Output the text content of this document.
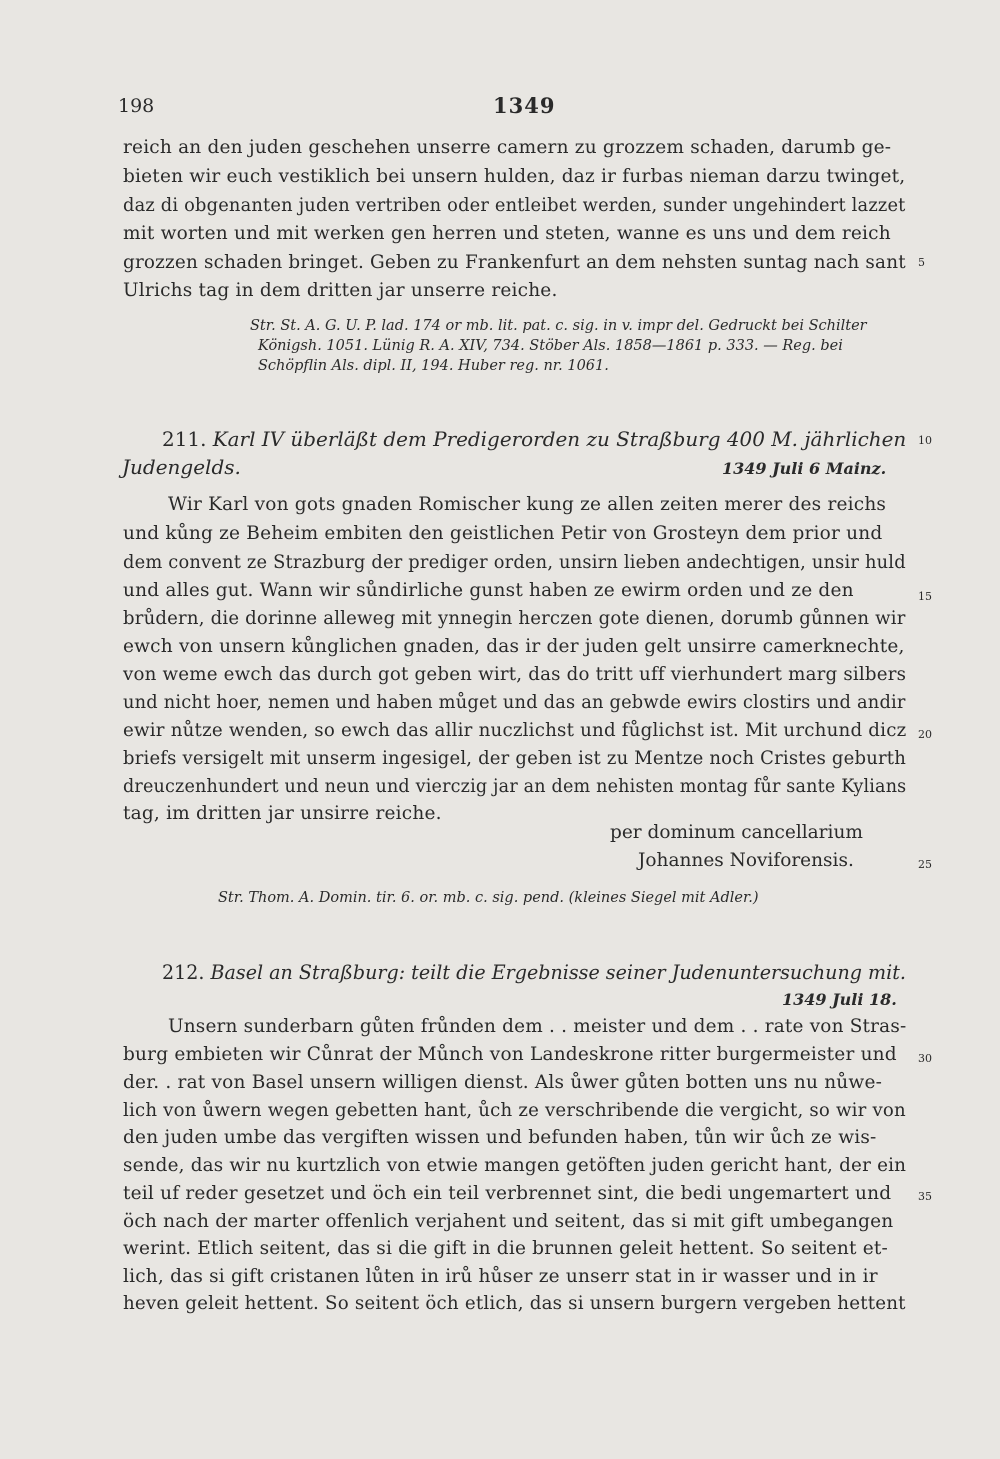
198	1349
reich an den juden geschehen unserre camern zu grozzem schaden, darumb ge-
bieten wir euch vestiklich bei unsern hulden, daz ir furbas nieman darzu twinget,
daz di obgenanten juden vertriben oder entleibet werden, sunder ungehindert lazzet
mit worten und mit werken gen herren und steten, wanne es uns und dem reich
grozzen schaden bringet. Geben zu Frankenfurt an dem nehsten suntag nach sant
Ulrichs tag in dem dritten jar unserre reiche.
5
Str. St. A. G. U. P. lad. 174 or mb. lit. pat. c. sig. in v. impr del. Gedruckt bei Schilter
Königsh. 1051. Lünig R. A. XIV, 734. Stöber Als. 1858—1861 p. 333. — Reg. bei
Schöpflin Als. dipl. II, 194. Huber reg. nr. 1061.
211. Karl IV überläßt dem Predigerorden zu Straßburg 400 M. jährlichen 10
Judengelds.	1349 Juli 6 Mainz.
Wir Karl von gots gnaden Romischer kung ze allen zeiten merer des reichs
und kůng ze Beheim embiten den geistlichen Petir von Grosteyn dem prior und
dem convent ze Strazburg der prediger orden, unsirn lieben andechtigen, unsir huld
und alles gut. Wann wir sůndirliche gunst haben ze ewirm orden und ze den
brůdern, die dorinne alleweg mit ynnegin herczen gote dienen, dorumb gůnnen wir
ewch von unsern kůnglichen gnaden, das ir der juden gelt unsirre camerknechte,
von weme ewch das durch got geben wirt, das do tritt uff vierhundert marg silbers
und nicht hoer, nemen und haben můget und das an gebwde ewirs clostirs und andir
ewir nůtze wenden, so ewch das allir nuczlichst und fůglichst ist. Mit urchund dicz
briefs versigelt mit unserm ingesigel, der geben ist zu Mentze noch Cristes geburth
dreuczenhundert und neun und vierczig jar an dem nehisten montag fůr sante Kylians
tag, im dritten jar unsirre reiche.
15
20
per dominum cancellarium
Johannes Noviforensis.	25
Str. Thom. A. Domin. tir. 6. or. mb. c. sig. pend. (kleines Siegel mit Adler.)
212. Basel an Straßburg: teilt die Ergebnisse seiner Judenuntersuchung mit.
1349 Juli 18.
Unsern sunderbarn gůten frůnden dem . . meister und dem . . rate von Stras-
burg embieten wir Cůnrat der Můnch von Landeskrone ritter burgermeister und
der. . rat von Basel unsern willigen dienst. Als ůwer gůten botten uns nu nůwe-
lich von ůwern wegen gebetten hant, ůch ze verschribende die vergicht, so wir von
den juden umbe das vergiften wissen und befunden haben, tůn wir ůch ze wis-
sende, das wir nu kurtzlich von etwie mangen getöften juden gericht hant, der ein
teil uf reder gesetzet und öch ein teil verbrennet sint, die bedi ungemartert und
öch nach der marter offenlich verjahent und seitent, das si mit gift umbegangen
werint. Etlich seitent, das si die gift in die brunnen geleit hettent. So seitent et-
lich, das si gift cristanen lůten in irů hůser ze unserr stat in ir wasser und in ir
heven geleit hettent. So seitent öch etlich, das si unsern burgern vergeben hettent
30
35
